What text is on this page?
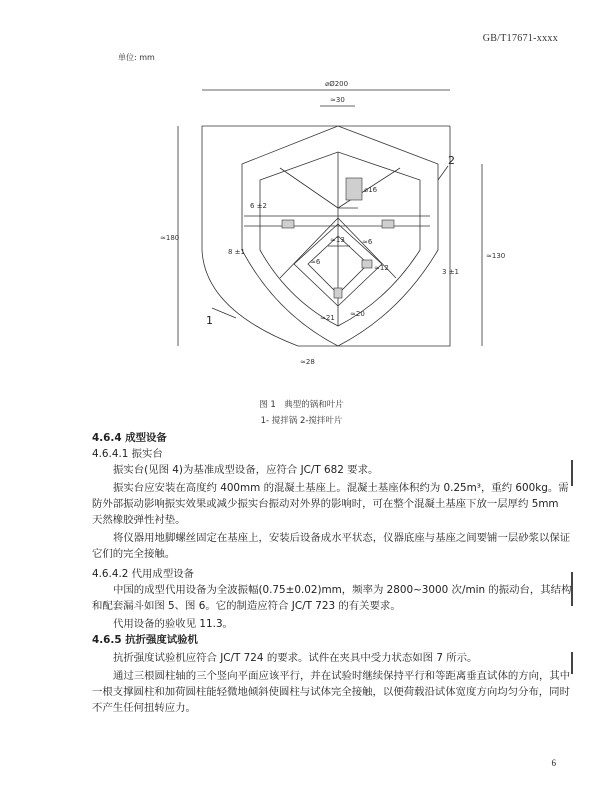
GB/T17671-xxxx
单位: mm
⌀Ø200
≈30
⌀16
6 ±2
8 ±1
≈13 ≈6
≈6
≈12	3 ±1
≈180
≈130
≈21 ≈20
≈28
1
2
图 1　典型的锅和叶片
1- 搅拌锅 2-搅拌叶片
4.6.4 成型设备
4.6.4.1 振实台
振实台(见图 4)为基准成型设备，应符合 JC/T 682 要求。
振实台应安装在高度约 400mm 的混凝土基座上。混凝土基座体积约为 0.25m³，重约 600kg。需防外部振动影响振实效果或减少振实台振动对外界的影响时，可在整个混凝土基座下放一层厚约 5mm 天然橡胶弹性衬垫。
将仪器用地脚螺丝固定在基座上，安装后设备成水平状态，仪器底座与基座之间要铺一层砂浆以保证它们的完全接触。
4.6.4.2 代用成型设备
中国的成型代用设备为全波振幅(0.75±0.02)mm，频率为 2800~3000 次/min 的振动台，其结构和配套漏斗如图 5、图 6。它的制造应符合 JC/T 723 的有关要求。
代用设备的验收见 11.3。
4.6.5 抗折强度试验机
抗折强度试验机应符合 JC/T 724 的要求。试件在夹具中受力状态如图 7 所示。
通过三根圆柱轴的三个竖向平面应该平行，并在试验时继续保持平行和等距离垂直试体的方向，其中一根支撑圆柱和加荷圆柱能轻微地倾斜使圆柱与试体完全接触，以便荷载沿试体宽度方向均匀分布，同时不产生任何扭转应力。
6
